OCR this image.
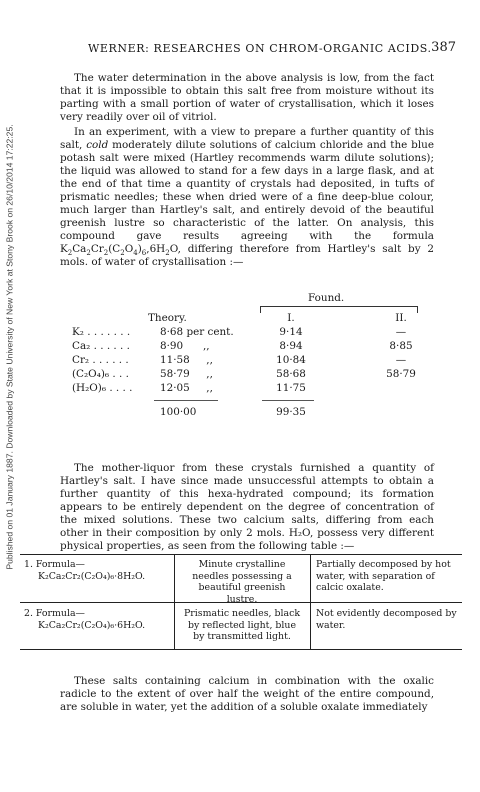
Published on 01 January 1887. Downloaded by State University of New York at Stony Brook on 26/10/2014 17:22:25.
WERNER: RESEARCHES ON CHROM-ORGANIC ACIDS. 387

The water determination in the above analysis is low, from the fact that it is impossible to obtain this salt free from moisture without its parting with a small portion of water of crystallisation, which it loses very readily over oil of vitriol.

In an experiment, with a view to prepare a further quantity of this salt, cold moderately dilute solutions of calcium chloride and the blue potash salt were mixed (Hartley recommends warm dilute solutions); the liquid was allowed to stand for a few days in a large flask, and at the end of that time a quantity of crystals had deposited, in tufts of prismatic needles; these when dried were of a fine deep-blue colour, much larger than Hartley's salt, and entirely devoid of the beautiful greenish lustre so characteristic of the latter. On analysis, this compound gave results agreeing with the formula $K_2Ca_2Cr_2(C_2O_4)_6,6H_2O$, differing therefore from Hartley's salt by 2 mols. of water of crystallisation :—

Found.
Theory.	I.	II.
K₂ . . . . . . .	8·68 per cent.	9·14	—
Ca₂ . . . . . .	8·90      ,,	8·94	8·85
Cr₂ . . . . . .	11·58     ,,	10·84	—
(C₂O₄)₆ . . .	58·79     ,,	58·68	58·79
(H₂O)₆ . . . .	12·05     ,,	11·75
100·00	99·35

The mother-liquor from these crystals furnished a quantity of Hartley's salt. I have since made unsuccessful attempts to obtain a further quantity of this hexa-hydrated compound; its formation appears to be entirely dependent on the degree of concentration of the mixed solutions. These two calcium salts, differing from each other in their composition by only 2 mols. H₂O, possess very different physical properties, as seen from the following table :—

1. Formula—
K₂Ca₂Cr₂(C₂O₄)₆·8H₂O.
Minute crystalline needles possessing a beautiful greenish lustre.
Partially decomposed by hot water, with separation of calcic oxalate.
2. Formula—
K₂Ca₂Cr₂(C₂O₄)₆·6H₂O.
Prismatic needles, black by reflected light, blue by transmitted light.
Not evidently decomposed by water.

These salts containing calcium in combination with the oxalic radicle to the extent of over half the weight of the entire compound, are soluble in water, yet the addition of a soluble oxalate immediately
